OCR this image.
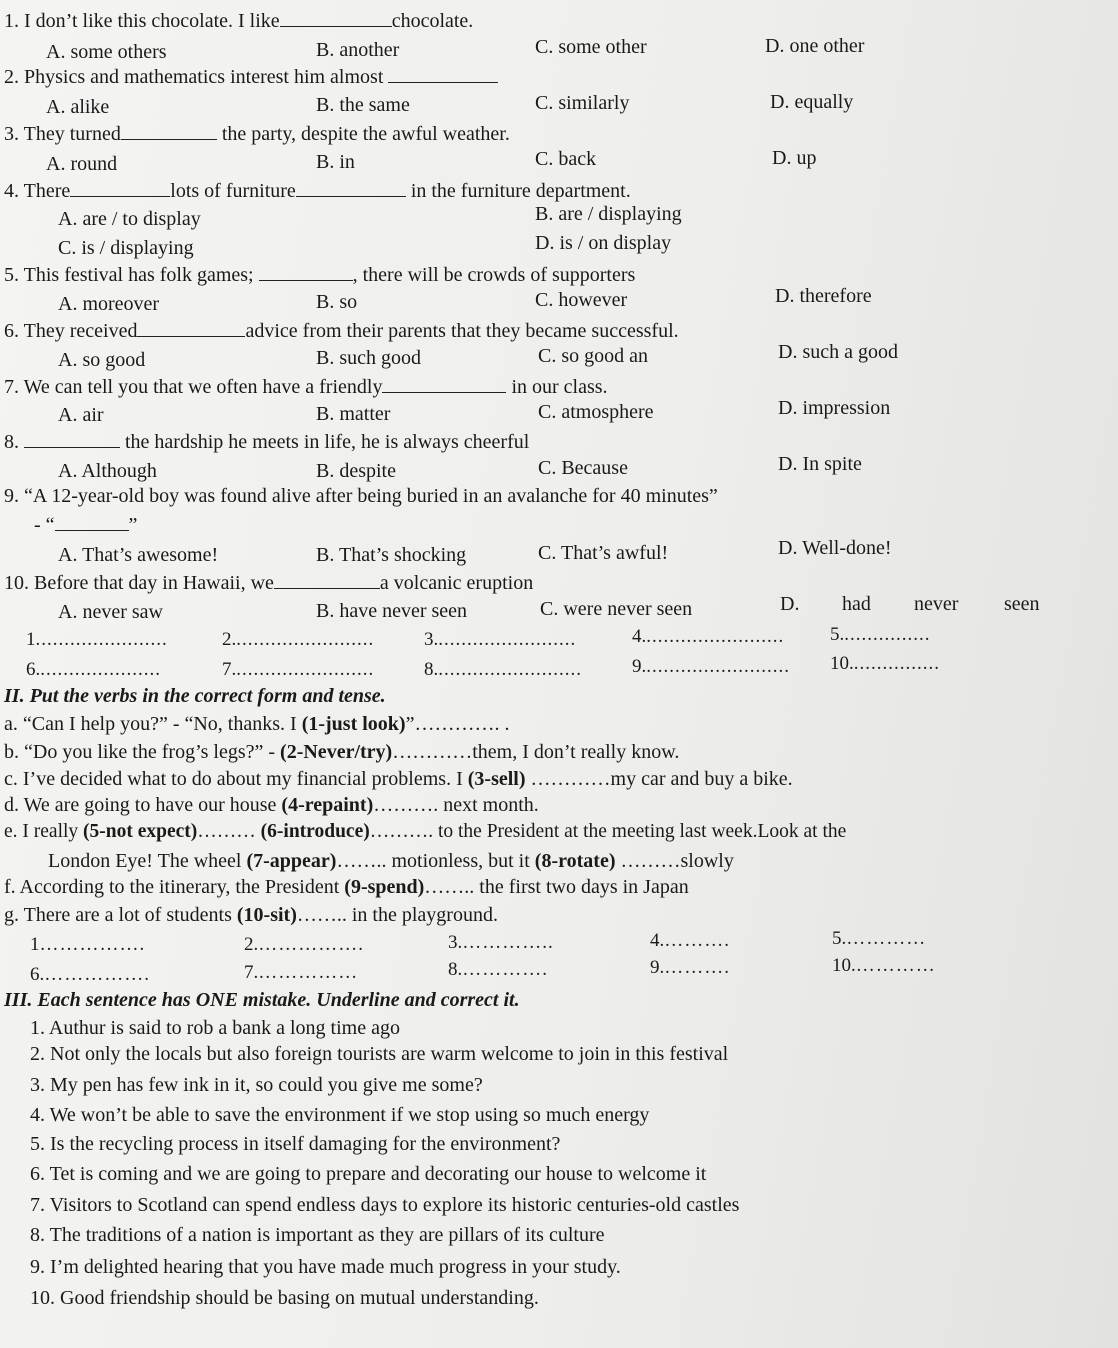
1. I don’t like this chocolate. I like	chocolate.
A. some others	B. another	C. some other	D. one other
2. Physics and mathematics interest him almost
A. alike	B. the same	C. similarly	D. equally
3. They turned	the party, despite the awful weather.
A. round	B. in	C. back	D. up
4. There	lots of furniture	in the furniture department.
A. are / to display	B. are / displaying
C. is / displaying	D. is / on display
5. This festival has folk games;	, there will be crowds of supporters
A. moreover	B. so	C. however	D. therefore
6. They received	advice from their parents that they became successful.
A. so good	B. such good	C. so good an	D. such a good
7. We can tell you that we often have a friendly	in our class.
A. air	B. matter	C. atmosphere	D. impression
8.	the hardship he meets in life, he is always cheerful
A. Although	B. despite	C. Because	D. In spite
9. “A 12-year-old boy was found alive after being buried in an avalanche for 40 minutes”
- “	”
A. That’s awesome!	B. That’s shocking	C. That’s awful!	D. Well-done!
10. Before that day in Hawaii, we	a volcanic eruption
A. never saw	B. have never seen	C. were never seen	D. had never seen
1.......................	2.........................	3.........................	4......................... 5................
6......................	7.........................	8..........................	9.......................... 10................
II. Put the verbs in the correct form and tense.
a. “Can I help you?” - “No, thanks. I (1-just look)”…………. .
b. “Do you like the frog’s legs?” - (2-Never/try)…………them, I don’t really know.
c. I’ve decided what to do about my financial problems. I (3-sell) …………my car and buy a bike.
d. We are going to have our house (4-repaint)………. next month.
e. I really (5-not expect)……… (6-introduce)………. to the President at the meeting last week.Look at the
London Eye! The wheel (7-appear)…….. motionless, but it (8-rotate) ………slowly
f. According to the itinerary, the President (9-spend)…….. the first two days in Japan
g. There are a lot of students (10-sit)…….. in the playground.
1…………….	2.…………….	3.…………..	4.……….	5.…………
6.…………….	7.……………	8.………….	9.……….	10.…………
III. Each sentence has ONE mistake. Underline and correct it.
1. Authur is said to rob a bank a long time ago
2. Not only the locals but also foreign tourists are warm welcome to join in this festival
3. My pen has few ink in it, so could you give me some?
4. We won’t be able to save the environment if we stop using so much energy
5. Is the recycling process in itself damaging for the environment?
6. Tet is coming and we are going to prepare and decorating our house to welcome it
7. Visitors to Scotland can spend endless days to explore its historic centuries-old castles
8. The traditions of a nation is important as they are pillars of its culture
9. I’m delighted hearing that you have made much progress in your study.
10. Good friendship should be basing on mutual understanding.
